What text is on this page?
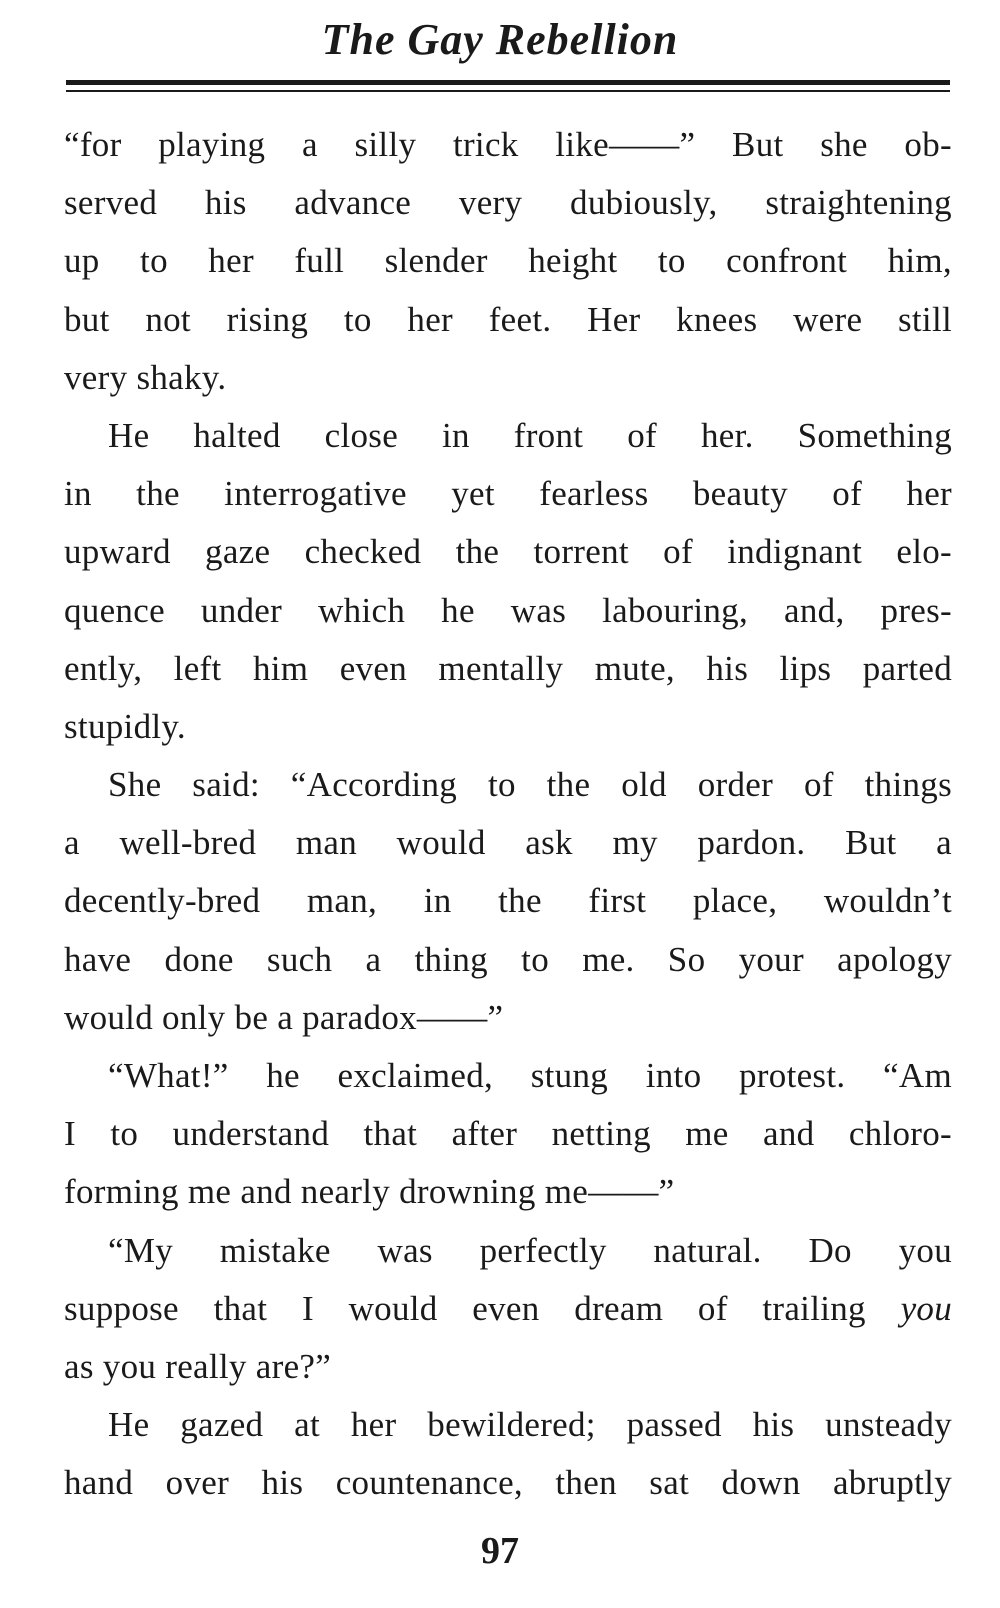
The Gay Rebellion

“for playing a silly trick like——” But she ob-
served his advance very dubiously, straightening
up to her full slender height to confront him,
but not rising to her feet. Her knees were still
very shaky.

He halted close in front of her. Something
in the interrogative yet fearless beauty of her
upward gaze checked the torrent of indignant elo-
quence under which he was labouring, and, pres-
ently, left him even mentally mute, his lips parted
stupidly.

She said: “According to the old order of things
a well-bred man would ask my pardon. But a
decently-bred man, in the first place, wouldn’t
have done such a thing to me. So your apology
would only be a paradox——”

“What!” he exclaimed, stung into protest. “Am
I to understand that after netting me and chloro-
forming me and nearly drowning me——”

“My mistake was perfectly natural. Do you
suppose that I would even dream of trailing you
as you really are?”

He gazed at her bewildered; passed his unsteady
hand over his countenance, then sat down abruptly

97
